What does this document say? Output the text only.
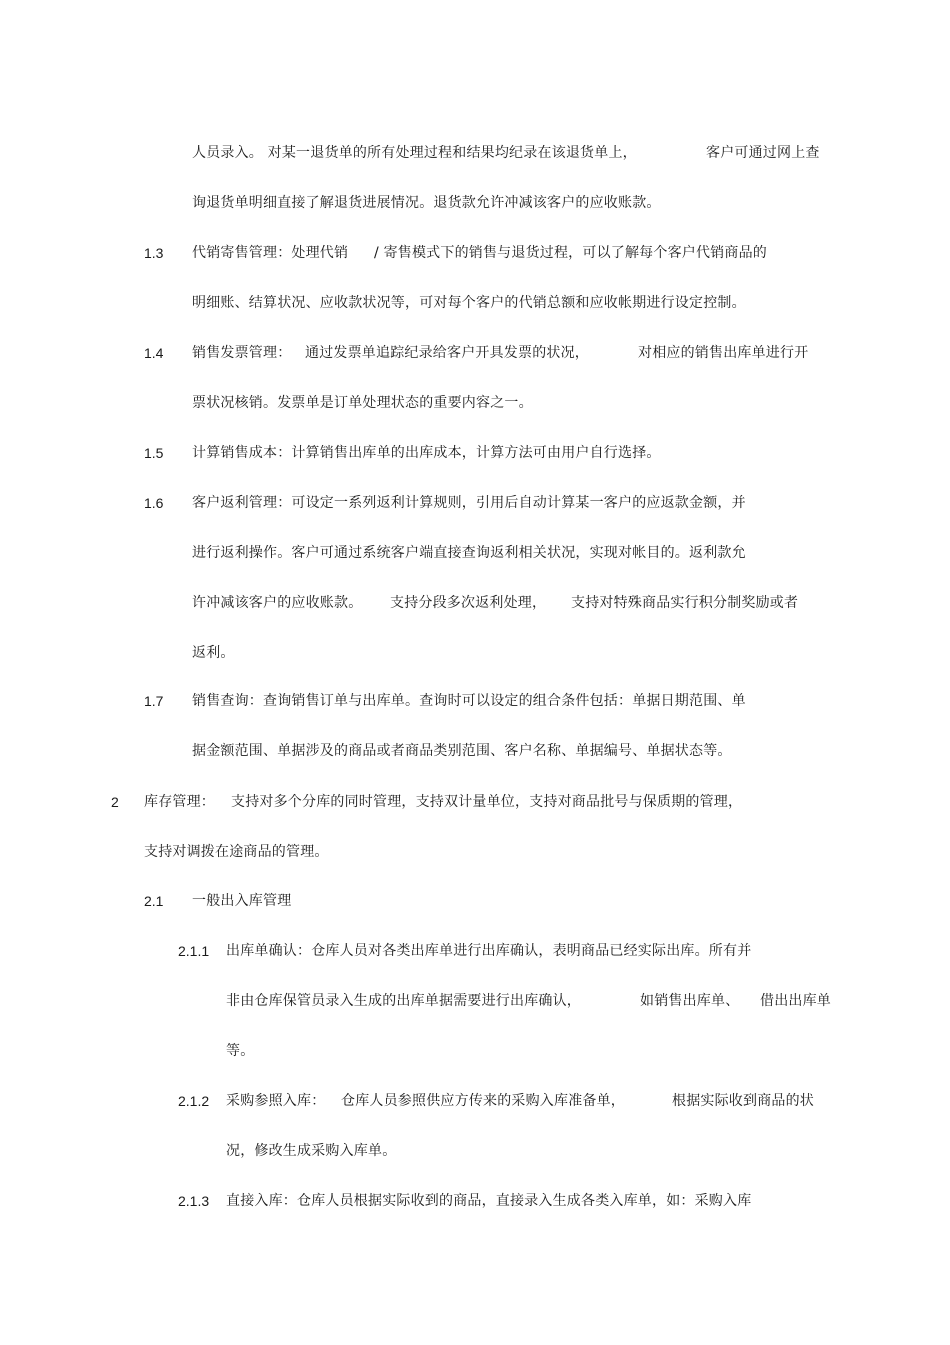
人员录入。 对某一退货单的所有处理过程和结果均纪录在该退货单上，	客户可通过网上查
询退货单明细直接了解退货进展情况。退货款允许冲减该客户的应收账款。
1.3 代销寄售管理：处理代销 / 寄售模式下的销售与退货过程，可以了解每个客户代销商品的
明细账、结算状况、应收款状况等，可对每个客户的代销总额和应收帐期进行设定控制。
1.4 销售发票管理： 通过发票单追踪纪录给客户开具发票的状况，	对相应的销售出库单进行开
票状况核销。发票单是订单处理状态的重要内容之一。
1.5 计算销售成本：计算销售出库单的出库成本，计算方法可由用户自行选择。
1.6 客户返利管理：可设定一系列返利计算规则，引用后自动计算某一客户的应返款金额，并
进行返利操作。客户可通过系统客户端直接查询返利相关状况，实现对帐目的。返利款允
许冲减该客户的应收账款。 支持分段多次返利处理， 支持对特殊商品实行积分制奖励或者
返利。
1.7 销售查询：查询销售订单与出库单。查询时可以设定的组合条件包括：单据日期范围、单
据金额范围、单据涉及的商品或者商品类别范围、客户名称、单据编号、单据状态等。
2 库存管理： 支持对多个分库的同时管理，支持双计量单位，支持对商品批号与保质期的管理，
支持对调拨在途商品的管理。
2.1 一般出入库管理
2.1.1 出库单确认：仓库人员对各类出库单进行出库确认，表明商品已经实际出库。所有并
非由仓库保管员录入生成的出库单据需要进行出库确认，	如销售出库单、 借出出库单
等。
2.1.2 采购参照入库： 仓库人员参照供应方传来的采购入库准备单，	根据实际收到商品的状
况，修改生成采购入库单。
2.1.3 直接入库：仓库人员根据实际收到的商品，直接录入生成各类入库单，如：采购入库
